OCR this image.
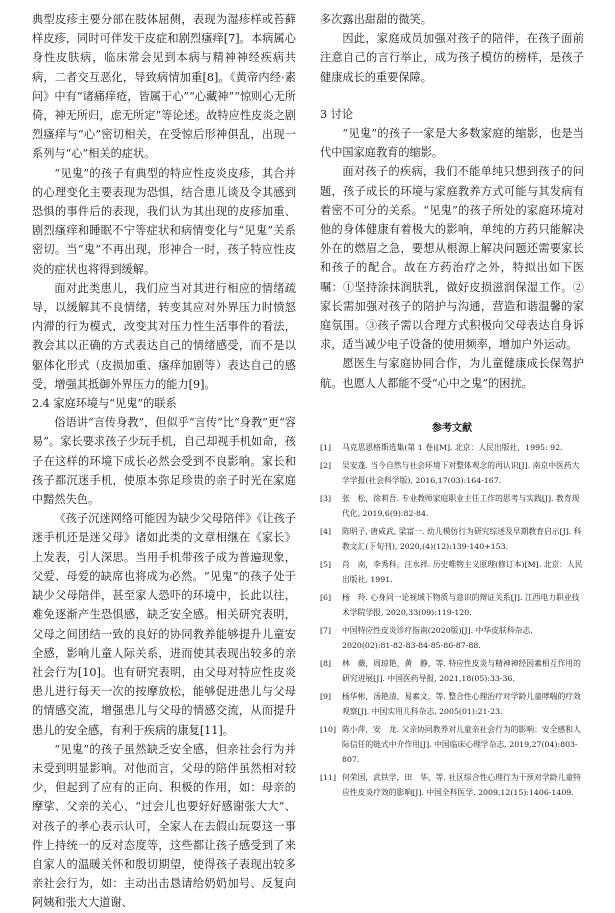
典型皮疹主要分部在肢体屈侧，表现为湿疹样或苔藓样皮疹，同时可伴发干皮症和剧烈瘙痒[7]。本病属心身性皮肤病，临床常会见到本病与精神神经疾病共病，二者交互恶化，导致病情加重[8]。《黄帝内经·素问》中有“诸痛痒疮，皆属于心”“心藏神”“惊则心无所倚，神无所归，虑无所定”等论述。故特应性皮炎之剧烈瘙痒与“心”密切相关，在受惊后形神俱乱，出现一系列与“心”相关的症状。

“见鬼”的孩子有典型的特应性皮炎皮疹，其合并的心理变化主要表现为恐惧，结合患儿谈及令其感到恐惧的事件后的表现，我们认为其出现的皮疹加重、剧烈瘙痒和睡眠不宁等症状和病情变化与“见鬼”关系密切。当“鬼”不再出现，形神合一时，孩子特应性皮炎的症状也将得到缓解。

面对此类患儿，我们应当对其进行相应的情绪疏导，以缓解其不良情绪，转变其应对外界压力时愤怒内滞的行为模式，改变其对压力性生活事件的看法，教会其以正确的方式表达自己的情绪感受，而不是以躯体化形式（皮损加重、瘙痒加剧等）表达自己的感受，增强其抵御外界压力的能力[9]。

2.4 家庭环境与“见鬼”的联系

俗语讲“言传身教”，但似乎“言传”比“身教”更“容易”。家长要求孩子少玩手机，自己却视手机如命，孩子在这样的环境下成长必然会受到不良影响。家长和孩子都沉迷手机，使原本弥足珍贵的亲子时光在家庭中黯然失色。

《孩子沉迷网络可能因为缺少父母陪伴》《让孩子迷手机还是迷父母》诸如此类的文章相继在《家长》上发表，引人深思。当用手机带孩子成为普遍现象，父爱、母爱的缺席也将成为必然。“见鬼”的孩子处于缺少父母陪伴，甚至家人恐吓的环境中，长此以往，难免逐渐产生恐惧感，缺乏安全感。相关研究表明，父母之间团结一致的良好的协同教养能够提升儿童安全感，影响儿童人际关系，进而使其表现出较多的亲社会行为[10]。也有研究表明，由父母对特应性皮炎患儿进行每天一次的按摩放松，能够促进患儿与父母的情感交流，增强患儿与父母的情感交流，从而提升患儿的安全感，有利于疾病的康复[11]。

“见鬼”的孩子虽然缺乏安全感，但亲社会行为并未受到明显影响。对他而言，父母的陪伴虽然相对较少，但起到了应有的正向、积极的作用，如：母亲的摩挲、父亲的关心、“过会儿也要好好感谢张大大”、对孩子的孝心表示认可，全家人在去假山玩耍这一事件上持统一的反对态度等，这些都让孩子感受到了来自家人的温暖关怀和殷切期望，使得孩子表现出较多亲社会行为，如：主动出击恳请给奶奶加号、反复向阿姨和张大大道谢、

多次露出甜甜的微笑。

因此，家庭成员加强对孩子的陪伴，在孩子面前注意自己的言行举止，成为孩子模仿的榜样，是孩子健康成长的重要保障。

3 讨论

“见鬼”的孩子一家是大多数家庭的缩影，也是当代中国家庭教育的缩影。

面对孩子的疾病，我们不能单纯只想到孩子的问题，孩子成长的环境与家庭教养方式可能与其发病有着密不可分的关系。“见鬼”的孩子所处的家庭环境对他的身体健康有着极大的影响，单纯的方药只能解决外在的燃眉之急，要想从根源上解决问题还需要家长和孩子的配合。故在方药治疗之外，特拟出如下医嘱：①坚持涂抹润肤乳，做好皮损滋润保湿工作。②家长需加强对孩子的陪护与沟通，营造和谐温馨的家庭氛围。③孩子需以合理方式积极向父母表达自身诉求，适当减少电子设备的使用频率，增加户外运动。

愿医生与家庭协同合作，为儿童健康成长保驾护航。也愿人人都能不受“心中之鬼”的困扰。

参考文献
[1]	马克思恩格斯选集(第 1 卷)[M]. 北京：人民出版社，1995: 92.
[2]	吴安蓬. 当今自然与社会环境下对整体观念的再认识[J]. 南京中医药大学学报(社会科学版), 2016,17(03):164-167.
[3]	张　松，徐莉吾. 专业教师家庭职业主任工作的思考与实践[J]. 教育现代化, 2019,6(9):82-84.
[4]	陈明子, 唐咸武, 梁富一. 幼儿模仿行为研究综述及早期教育启示[J]. 科教文汇(下旬刊), 2020,(4)(12):139-140+153.
[5]	肖　南，李秀科，汪水祥. 历史唯物主义原理(修订本)[M]. 北京：人民出版社, 1991.
[6]	杨　羚. 心身同一论视域下物质与意识的辩证关系[J]. 江西电力职业技术学院学报, 2020,33(09):119-120.
[7]	中国特应性皮炎诊疗指南(2020版)[J]. 中华皮肤科杂志, 2020(02):81-82-83-84-85-86-87-88.
[8]	林　薇，周琼艳，黄　静，等. 特应性皮炎与精神神经因素相互作用的研究进展[J]. 中国医药导报, 2021,18(05):33-36.
[9]	杨华彬，汤艳清，易素文，等. 整合性心理治疗对学龄儿童哮喘的疗效观察[J]. 中国实用儿科杂志, 2005(01):21-23.
[10] 陈小萍，安　龙. 父亲协同教养对儿童亲社会行为的影响：安全感和人际信任的链式中介作用[J]. 中国临床心理学杂志, 2019,27(04):803-807.
[11] 何荣国，武铁学，田　华，等. 社区综合性心理行为干预对学龄儿童特应性皮炎疗效的影响[J]. 中国全科医学, 2009,12(15):1406-1409.
